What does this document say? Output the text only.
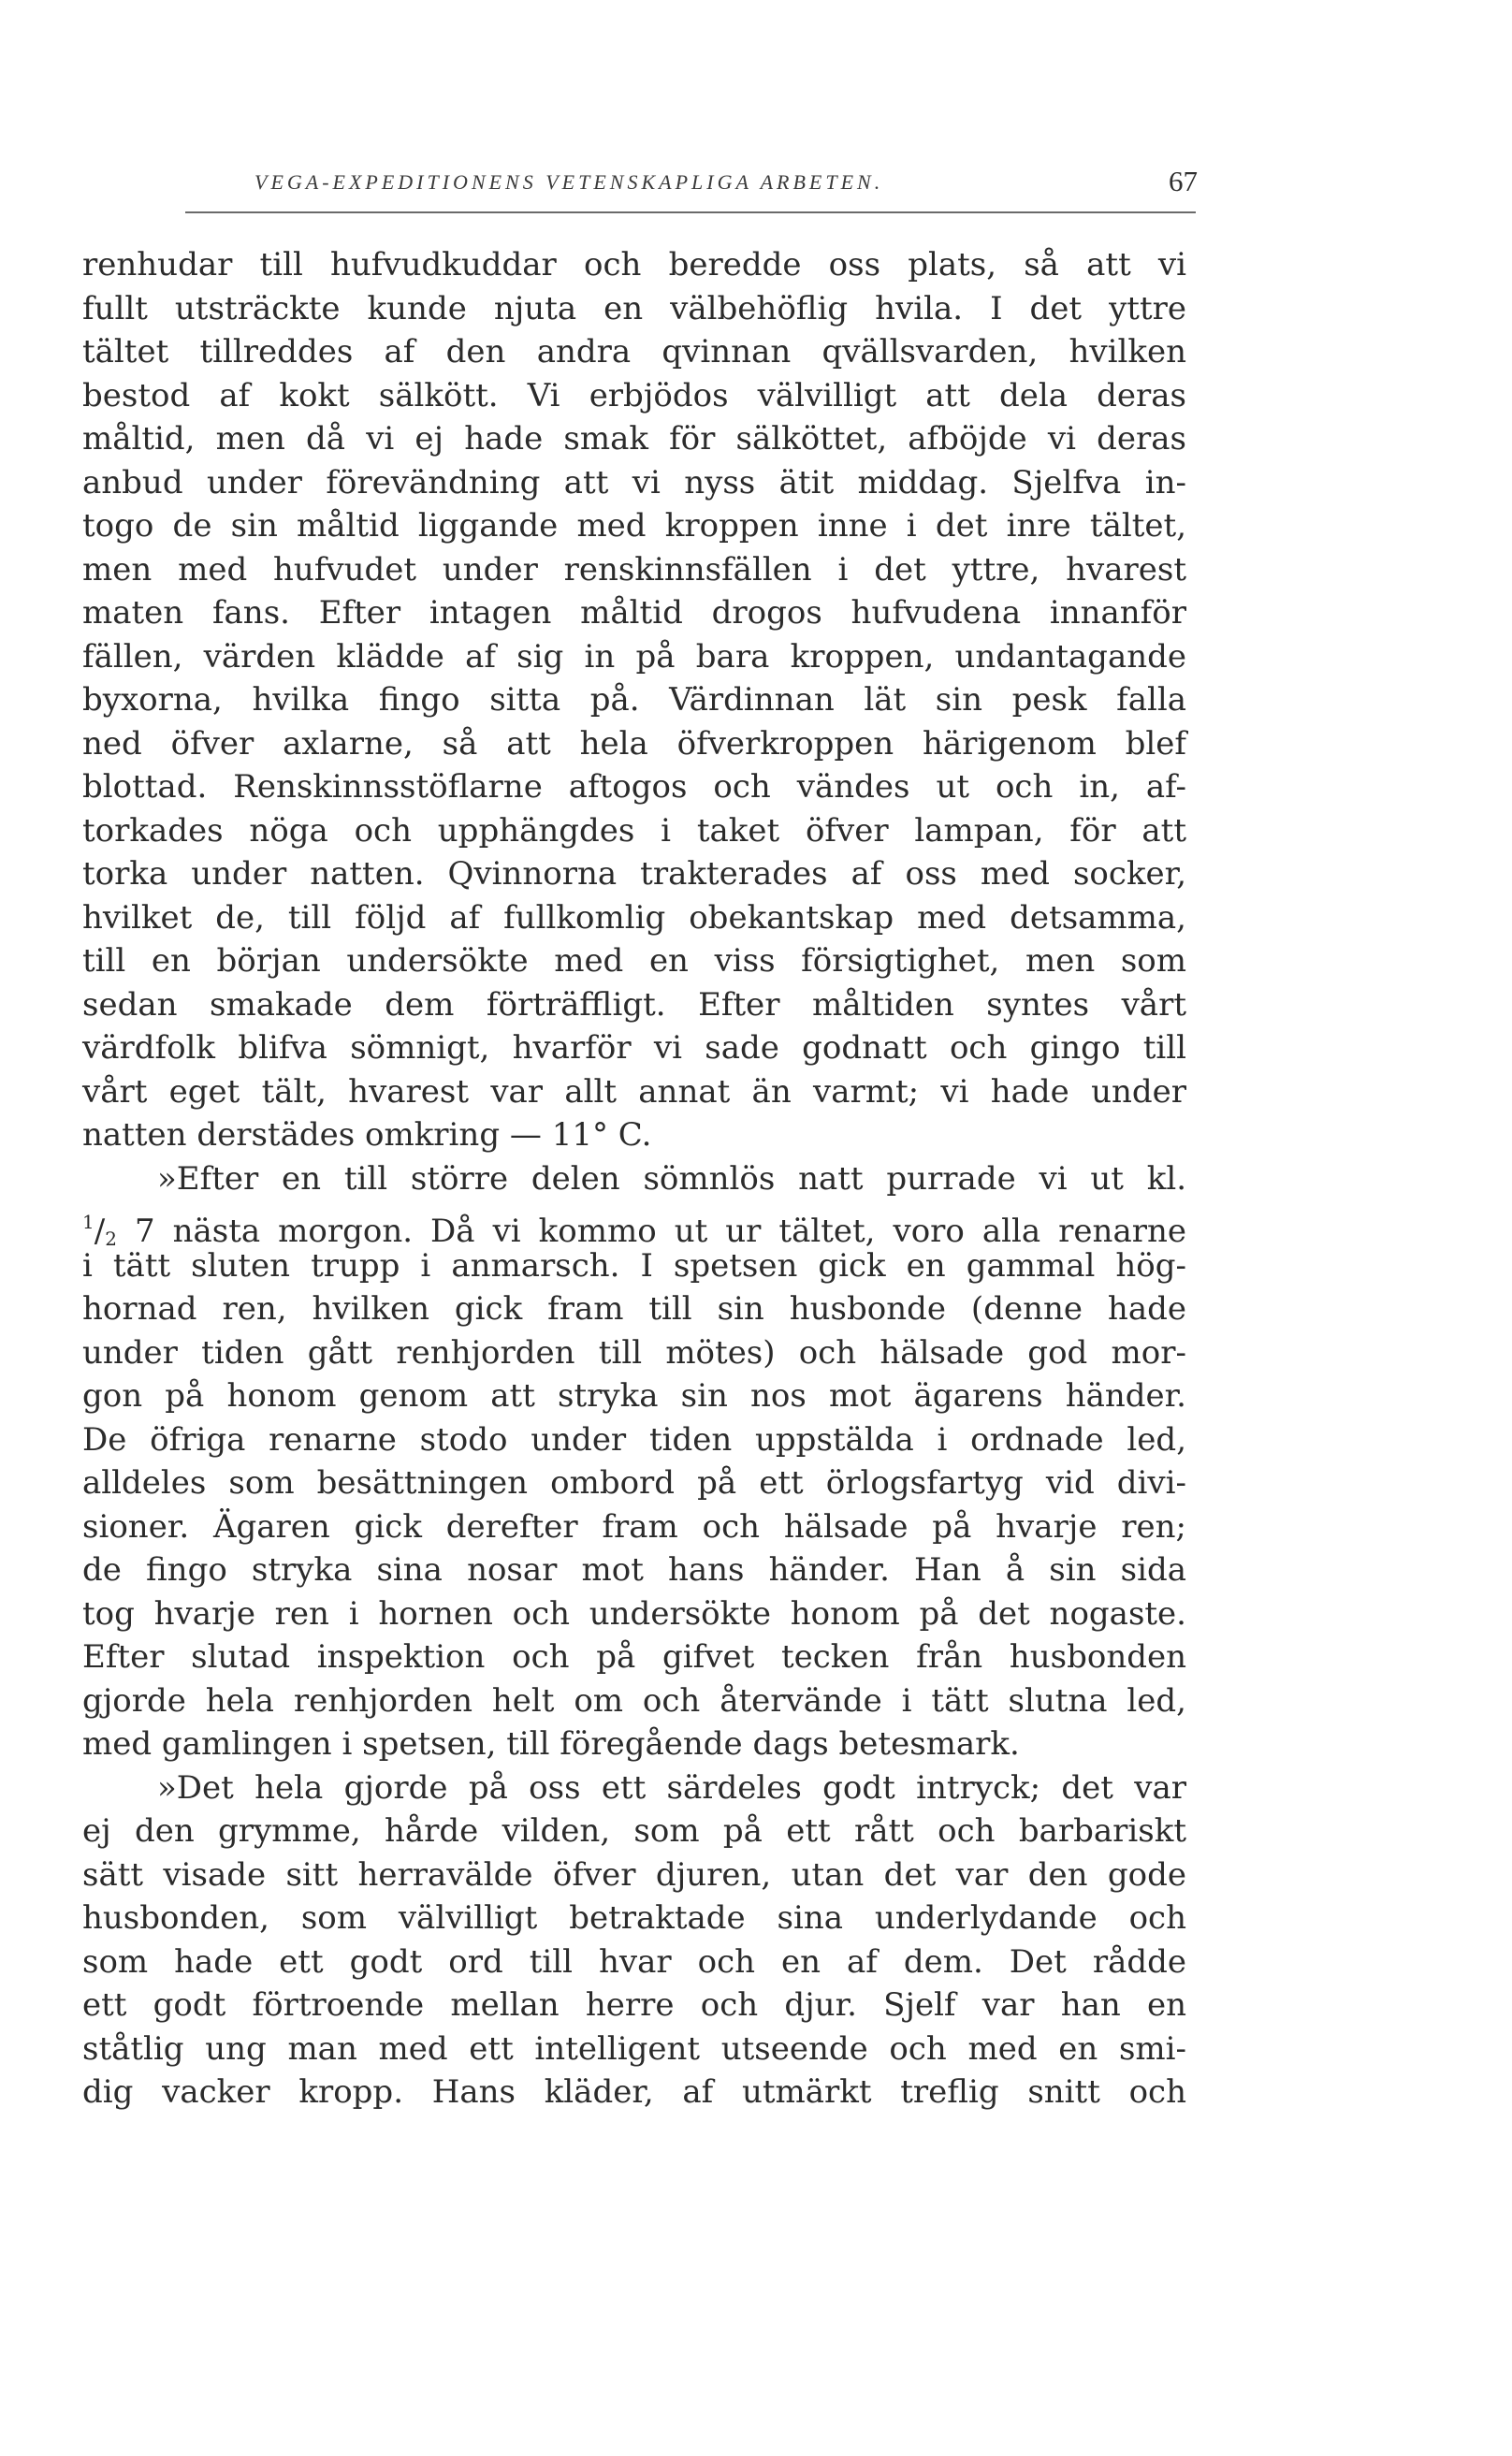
VEGA-EXPEDITIONENS VETENSKAPLIGA ARBETEN.	67
renhudar till hufvudkuddar och beredde oss plats, så att vi
fullt utsträckte kunde njuta en välbehöflig hvila. I det yttre
tältet tillreddes af den andra qvinnan qvällsvarden, hvilken
bestod af kokt sälkött. Vi erbjödos välvilligt att dela deras
måltid, men då vi ej hade smak för sälköttet, afböjde vi deras
anbud under förevändning att vi nyss ätit middag. Sjelfva in-
togo de sin måltid liggande med kroppen inne i det inre tältet,
men med hufvudet under renskinnsfällen i det yttre, hvarest
maten fans. Efter intagen måltid drogos hufvudena innanför
fällen, värden klädde af sig in på bara kroppen, undantagande
byxorna, hvilka fingo sitta på. Värdinnan lät sin pesk falla
ned öfver axlarne, så att hela öfverkroppen härigenom blef
blottad. Renskinnsstöflarne aftogos och vändes ut och in, af-
torkades nöga och upphängdes i taket öfver lampan, för att
torka under natten. Qvinnorna trakterades af oss med socker,
hvilket de, till följd af fullkomlig obekantskap med detsamma,
till en början undersökte med en viss försigtighet, men som
sedan smakade dem förträffligt. Efter måltiden syntes vårt
värdfolk blifva sömnigt, hvarför vi sade godnatt och gingo till
vårt eget tält, hvarest var allt annat än varmt; vi hade under
natten derstädes omkring — 11° C.
»Efter en till större delen sömnlös natt purrade vi ut kl.
$^1/_2$ 7 nästa morgon. Då vi kommo ut ur tältet, voro alla renarne
i tätt sluten trupp i anmarsch. I spetsen gick en gammal hög-
hornad ren, hvilken gick fram till sin husbonde (denne hade
under tiden gått renhjorden till mötes) och hälsade god mor-
gon på honom genom att stryka sin nos mot ägarens händer.
De öfriga renarne stodo under tiden uppstälda i ordnade led,
alldeles som besättningen ombord på ett örlogsfartyg vid divi-
sioner. Ägaren gick derefter fram och hälsade på hvarje ren;
de fingo stryka sina nosar mot hans händer. Han å sin sida
tog hvarje ren i hornen och undersökte honom på det nogaste.
Efter slutad inspektion och på gifvet tecken från husbonden
gjorde hela renhjorden helt om och återvände i tätt slutna led,
med gamlingen i spetsen, till föregående dags betesmark.
»Det hela gjorde på oss ett särdeles godt intryck; det var
ej den grymme, hårde vilden, som på ett rått och barbariskt
sätt visade sitt herravälde öfver djuren, utan det var den gode
husbonden, som välvilligt betraktade sina underlydande och
som hade ett godt ord till hvar och en af dem. Det rådde
ett godt förtroende mellan herre och djur. Sjelf var han en
ståtlig ung man med ett intelligent utseende och med en smi-
dig vacker kropp. Hans kläder, af utmärkt treflig snitt och
